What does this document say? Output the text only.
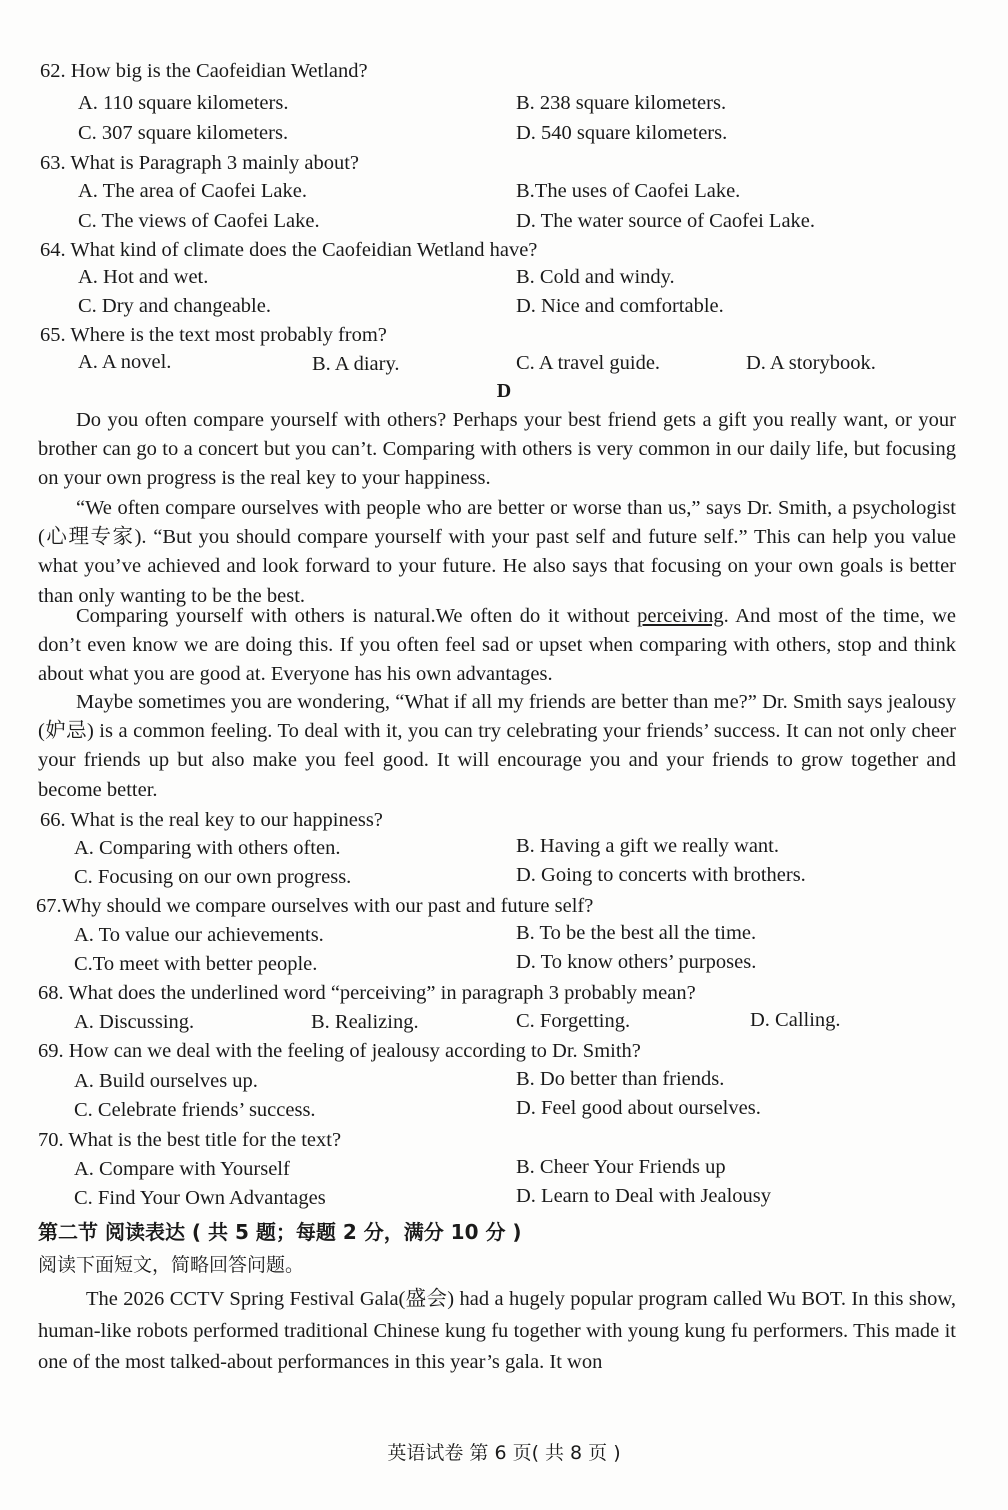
62. How big is the Caofeidian Wetland?
A. 110 square kilometers.	B. 238 square kilometers.
C. 307 square kilometers.	D. 540 square kilometers.
63. What is Paragraph 3 mainly about?
A. The area of Caofei Lake.	B.The uses of Caofei Lake.
C. The views of Caofei Lake.	D. The water source of Caofei Lake.
64. What kind of climate does the Caofeidian Wetland have?
A. Hot and wet.	B. Cold and windy.
C. Dry and changeable.	D. Nice and comfortable.
65. Where is the text most probably from?
A. A novel.	B. A diary.	C. A travel guide.	D. A storybook.
D
Do you often compare yourself with others? Perhaps your best friend gets a gift you really want, or your brother can go to a concert but you can’t. Comparing with others is very common in our daily life, but focusing on your own progress is the real key to your happiness.
“We often compare ourselves with people who are better or worse than us,” says Dr. Smith, a psychologist (心理专家). “But you should compare yourself with your past self and future self.” This can help you value what you’ve achieved and look forward to your future. He also says that focusing on your own goals is better than only wanting to be the best.
Comparing yourself with others is natural.We often do it without perceiving. And most of the time, we don’t even know we are doing this. If you often feel sad or upset when comparing with others, stop and think about what you are good at. Everyone has his own advantages.
Maybe sometimes you are wondering, “What if all my friends are better than me?” Dr. Smith says jealousy (妒忌) is a common feeling. To deal with it, you can try celebrating your friends’ success. It can not only cheer your friends up but also make you feel good. It will encourage you and your friends to grow together and become better.
66. What is the real key to our happiness?
A. Comparing with others often.	B. Having a gift we really want.
C. Focusing on our own progress.	D. Going to concerts with brothers.
67.Why should we compare ourselves with our past and future self?
A. To value our achievements.	B. To be the best all the time.
C.To meet with better people.	D. To know others’ purposes.
68. What does the underlined word “perceiving” in paragraph 3 probably mean?
A. Discussing.	B. Realizing.	C. Forgetting.	D. Calling.
69. How can we deal with the feeling of jealousy according to Dr. Smith?
A. Build ourselves up.	B. Do better than friends.
C. Celebrate friends’ success.	D. Feel good about ourselves.
70. What is the best title for the text?
A. Compare with Yourself	B. Cheer Your Friends up
C. Find Your Own Advantages	D. Learn to Deal with Jealousy
第二节 阅读表达 ( 共 5 题；每题 2 分，满分 10 分 )
阅读下面短文，简略回答问题。
The 2026 CCTV Spring Festival Gala(盛会) had a hugely popular program called Wu BOT. In this show, human-like robots performed traditional Chinese kung fu together with young kung fu performers. This made it one of the most talked-about performances in this year’s gala. It won
英语试卷 第 6 页( 共 8 页 )
